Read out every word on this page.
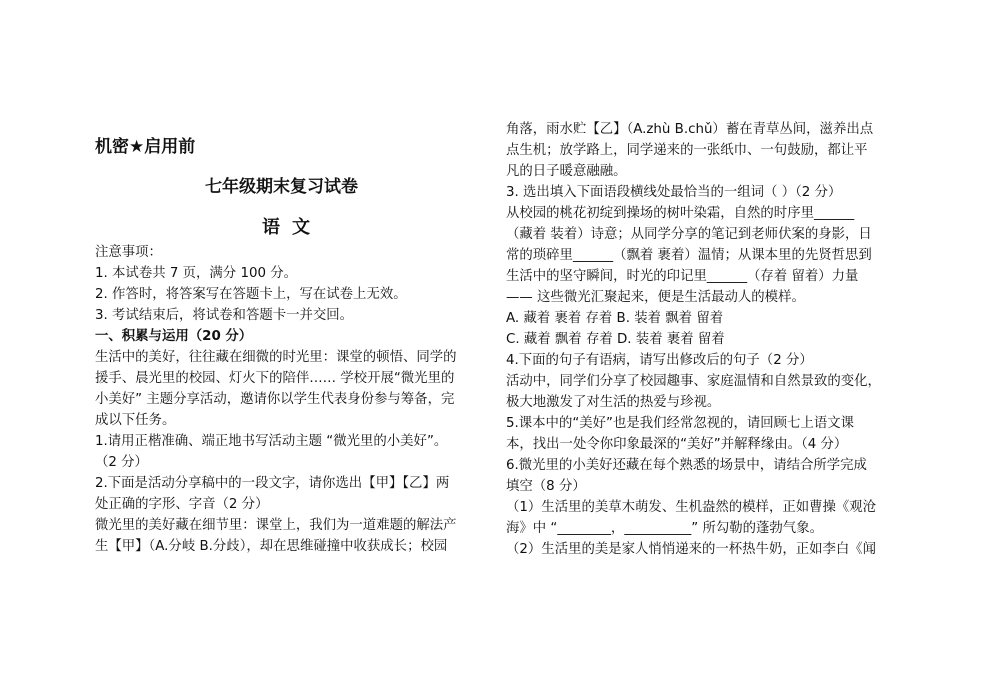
机密★启用前
七年级期末复习试卷
语文
注意事项：
1. 本试卷共 7 页，满分 100 分。
2. 作答时，将答案写在答题卡上，写在试卷上无效。
3. 考试结束后，将试卷和答题卡一并交回。
一、积累与运用（20 分）
生活中的美好，往往藏在细微的时光里：课堂的顿悟、同学的
援手、晨光里的校园、灯火下的陪伴…… 学校开展“微光里的
小美好” 主题分享活动，邀请你以学生代表身份参与筹备，完
成以下任务。
1.请用正楷准确、端正地书写活动主题 “微光里的小美好”。
（2 分）
2.下面是活动分享稿中的一段文字，请你选出【甲】【乙】两
处正确的字形、字音（2 分）
微光里的美好藏在细节里：课堂上，我们为一道难题的解法产
生【甲】（A.分岐 B.分歧），却在思维碰撞中收获成长；校园
角落，雨水贮【乙】（A.zhù B.chǔ）蓄在青草丛间，滋养出点
点生机；放学路上，同学递来的一张纸巾、一句鼓励，都让平
凡的日子暖意融融。
3. 选出填入下面语段横线处最恰当的一组词（ ）（2 分）
从校园的桃花初绽到操场的树叶染霜，自然的时序里______
（藏着 装着）诗意；从同学分享的笔记到老师伏案的身影，日
常的琐碎里______（飘着 裹着）温情；从课本里的先贤哲思到
生活中的坚守瞬间，时光的印记里______（存着 留着）力量
—— 这些微光汇聚起来，便是生活最动人的模样。
A. 藏着 裹着 存着 B. 装着 飘着 留着
C. 藏着 飘着 存着 D. 装着 裹着 留着
4.下面的句子有语病，请写出修改后的句子（2 分）
活动中，同学们分享了校园趣事、家庭温情和自然景致的变化，
极大地激发了对生活的热爱与珍视。
5.课本中的“美好”也是我们经常忽视的，请回顾七上语文课
本，找出一处令你印象最深的“美好”并解释缘由。（4 分）
6.微光里的小美好还藏在每个熟悉的场景中，请结合所学完成
填空（8 分）
（1）生活里的美草木萌发、生机盎然的模样，正如曹操《观沧
海》中 “________，__________” 所勾勒的蓬勃气象。
（2）生活里的美是家人悄悄递来的一杯热牛奶，正如李白《闻
